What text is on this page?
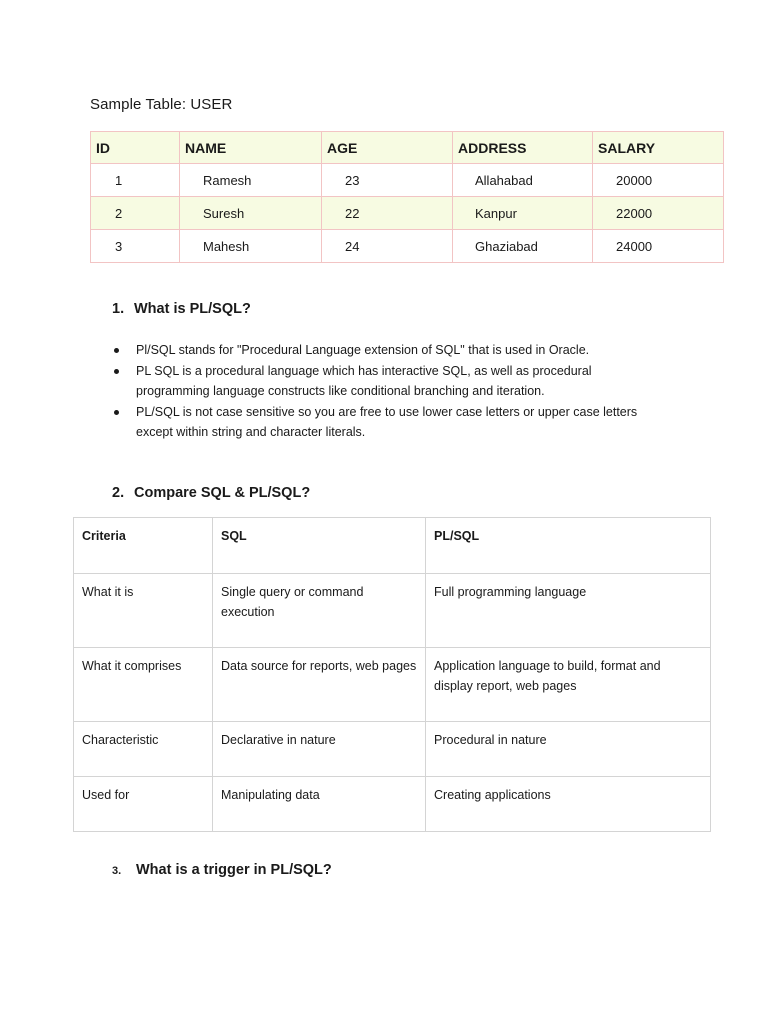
Sample Table: USER
ID	NAME	AGE	ADDRESS	SALARY
1	Ramesh	23	Allahabad	20000
2	Suresh	22	Kanpur	22000
3	Mahesh	24	Ghaziabad	24000
1. What is PL/SQL?
Pl/SQL stands for "Procedural Language extension of SQL" that is used in Oracle.
PL SQL is a procedural language which has interactive SQL, as well as procedural programming language constructs like conditional branching and iteration.
PL/SQL is not case sensitive so you are free to use lower case letters or upper case letters except within string and character literals.
2. Compare SQL & PL/SQL?
Criteria	SQL	PL/SQL
What it is	Single query or command execution	Full programming language
What it comprises	Data source for reports, web pages	Application language to build, format and display report, web pages
Characteristic	Declarative in nature	Procedural in nature
Used for	Manipulating data	Creating applications
3. What is a trigger in PL/SQL?
